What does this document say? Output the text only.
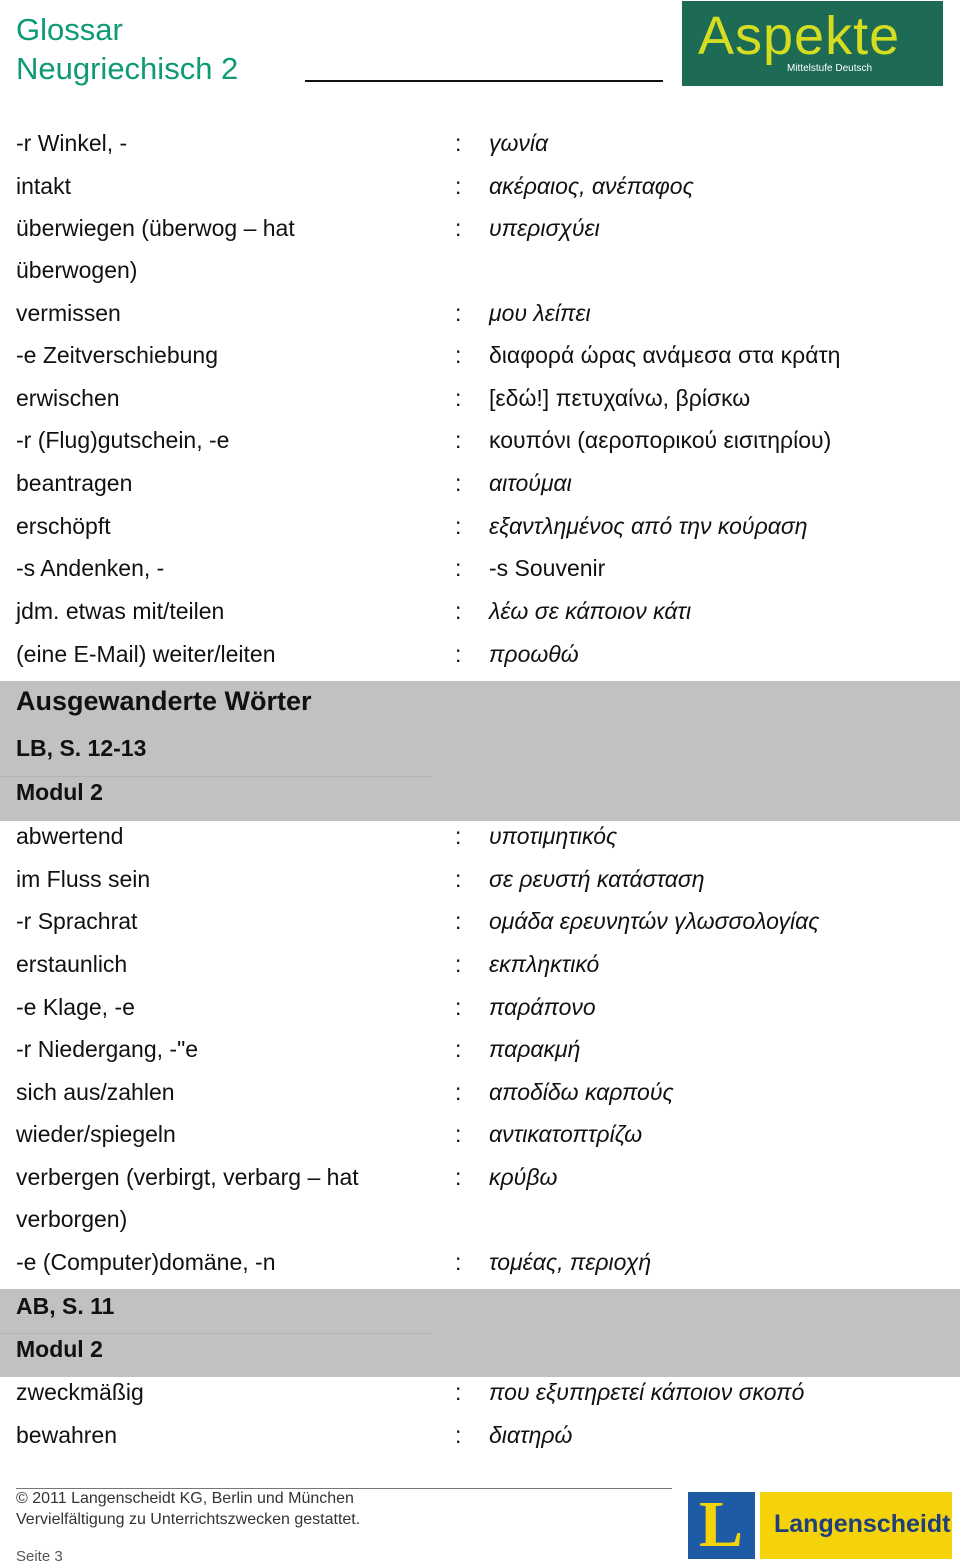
Glossar
Neugriechisch 2
Aspekte
Mittelstufe Deutsch
-r Winkel, -	: γωνία
intakt	: ακέραιος, ανέπαφος
überwiegen (überwog – hat	: υπερισχύει
überwogen)
vermissen	: μου λείπει
-e Zeitverschiebung	: διαφορά ώρας ανάμεσα στα κράτη
erwischen	: [εδώ!] πετυχαίνω, βρίσκω
-r (Flug)gutschein, -e	: κουπόνι (αεροπορικού εισιτηρίου)
beantragen	: αιτούμαι
erschöpft	: εξαντλημένος από την κούραση
-s Andenken, -	: -s Souvenir
jdm. etwas mit/teilen	: λέω σε κάποιον κάτι
(eine E-Mail) weiter/leiten	: προωθώ
Ausgewanderte Wörter
LB, S. 12-13
Modul 2
abwertend	: υποτιμητικός
im Fluss sein	: σε ρευστή κατάσταση
-r Sprachrat	: ομάδα ερευνητών γλωσσολογίας
erstaunlich	: εκπληκτικό
-e Klage, -e	: παράπονο
-r Niedergang, -"e	: παρακμή
sich aus/zahlen	: αποδίδω καρπούς
wieder/spiegeln	: αντικατοπτρίζω
verbergen (verbirgt, verbarg – hat	: κρύβω
verborgen)
-e (Computer)domäne, -n	: τομέας, περιοχή
AB, S. 11
Modul 2
zweckmäßig	: που εξυπηρετεί κάποιον σκοπό
bewahren	: διατηρώ
© 2011 Langenscheidt KG, Berlin und München
Vervielfältigung zu Unterrichtszwecken gestattet.
Seite 3	L Langenscheidt
